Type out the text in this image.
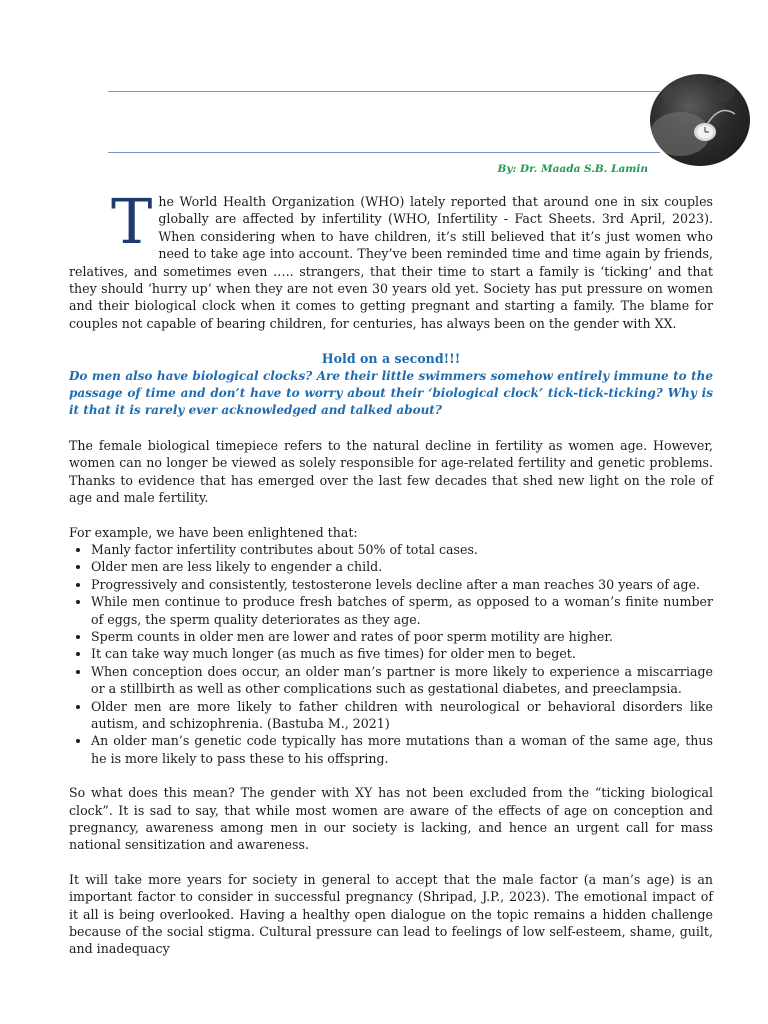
By: Dr. Maada S.B. Lamin

The World Health Organization (WHO) lately reported that around one in six couples globally are affected by infertility (WHO, Infertility - Fact Sheets. 3rd April, 2023). When considering when to have children, it’s still believed that it’s just women who need to take age into account. They’ve been reminded time and time again by friends, relatives, and sometimes even ….. strangers, that their time to start a family is ‘ticking’ and that they should ‘hurry up’ when they are not even 30 years old yet. Society has put pressure on women and their biological clock when it comes to getting pregnant and starting a family. The blame for couples not capable of bearing children, for centuries, has always been on the gender with XX.

Hold on a second!!!

Do men also have biological clocks? Are their little swimmers somehow entirely immune to the passage of time and don’t have to worry about their ‘biological clock’ tick-tick-ticking? Why is it that it is rarely ever acknowledged and talked about?

The female biological timepiece refers to the natural decline in fertility as women age. However, women can no longer be viewed as solely responsible for age-related fertility and genetic problems. Thanks to evidence that has emerged over the last few decades that shed new light on the role of age and male fertility.

For example, we have been enlightened that:

• Manly factor infertility contributes about 50% of total cases.
• Older men are less likely to engender a child.
• Progressively and consistently, testosterone levels decline after a man reaches 30 years of age.
• While men continue to produce fresh batches of sperm, as opposed to a woman’s finite number of eggs, the sperm quality deteriorates as they age.
• Sperm counts in older men are lower and rates of poor sperm motility are higher.
• It can take way much longer (as much as five times) for older men to beget.
• When conception does occur, an older man’s partner is more likely to experience a miscarriage or a stillbirth as well as other complications such as gestational diabetes, and preeclampsia.
• Older men are more likely to father children with neurological or behavioral disorders like autism, and schizophrenia. (Bastuba M., 2021)
• An older man’s genetic code typically has more mutations than a woman of the same age, thus he is more likely to pass these to his offspring.

So what does this mean? The gender with XY has not been excluded from the “ticking biological clock”. It is sad to say, that while most women are aware of the effects of age on conception and pregnancy, awareness among men in our society is lacking, and hence an urgent call for mass national sensitization and awareness.

It will take more years for society in general to accept that the male factor (a man’s age) is an important factor to consider in successful pregnancy (Shripad, J.P., 2023). The emotional impact of it all is being overlooked. Having a healthy open dialogue on the topic remains a hidden challenge because of the social stigma. Cultural pressure can lead to feelings of low self-esteem, shame, guilt, and inadequacy
